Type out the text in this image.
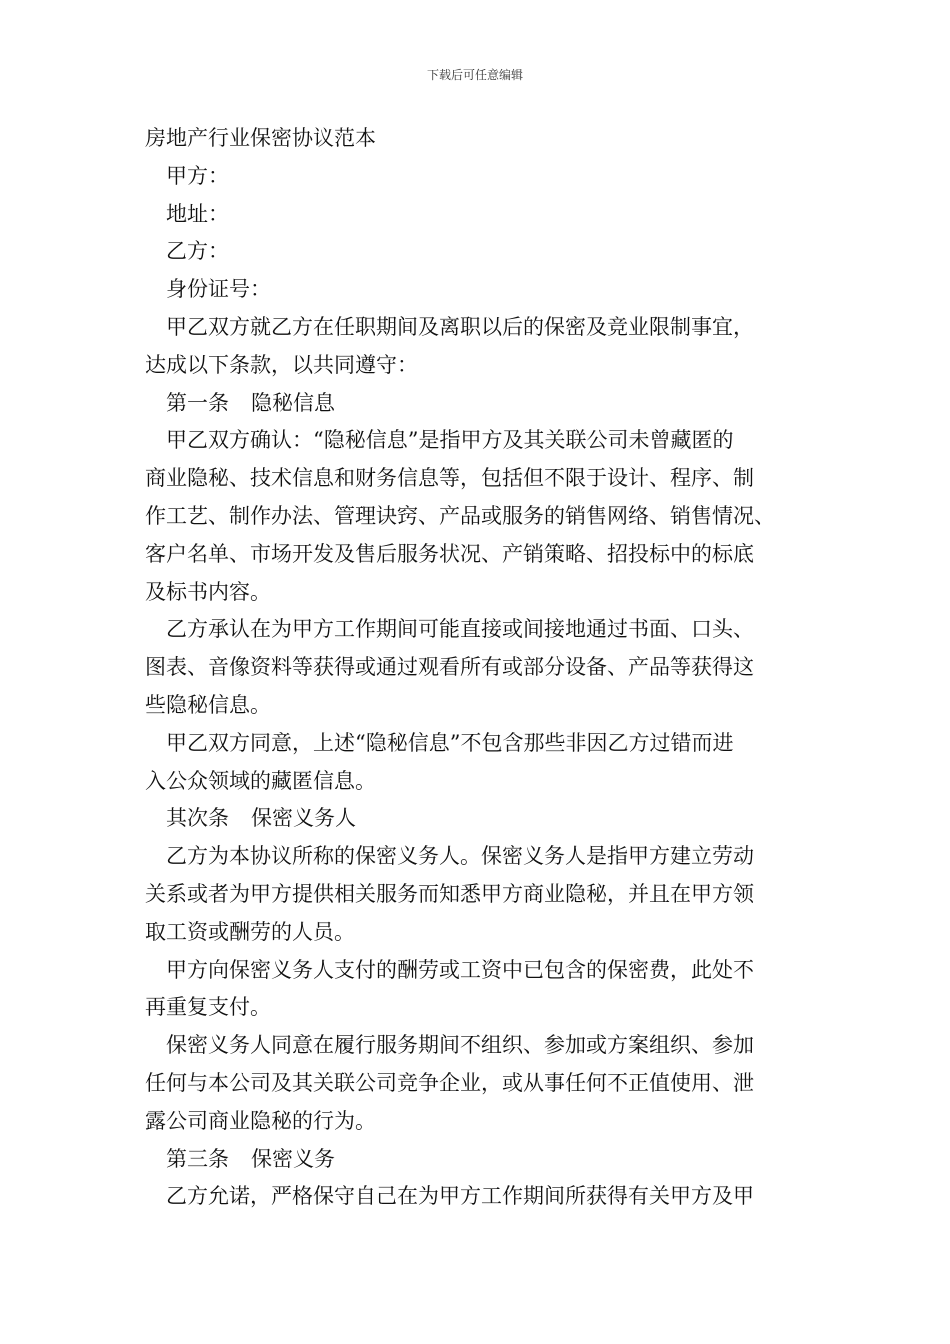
下载后可任意编辑
房地产行业保密协议范本
甲方：
地址：
乙方：
身份证号：
甲乙双方就乙方在任职期间及离职以后的保密及竞业限制事宜，
达成以下条款，以共同遵守：
第一条 隐秘信息
甲乙双方确认：“隐秘信息”是指甲方及其关联公司未曾藏匿的
商业隐秘、技术信息和财务信息等，包括但不限于设计、程序、制
作工艺、制作办法、管理诀窍、产品或服务的销售网络、销售情况、
客户名单、市场开发及售后服务状况、产销策略、招投标中的标底
及标书内容。
乙方承认在为甲方工作期间可能直接或间接地通过书面、口头、
图表、音像资料等获得或通过观看所有或部分设备、产品等获得这
些隐秘信息。
甲乙双方同意，上述“隐秘信息”不包含那些非因乙方过错而进
入公众领域的藏匿信息。
其次条 保密义务人
乙方为本协议所称的保密义务人。保密义务人是指甲方建立劳动
关系或者为甲方提供相关服务而知悉甲方商业隐秘，并且在甲方领
取工资或酬劳的人员。
甲方向保密义务人支付的酬劳或工资中已包含的保密费，此处不
再重复支付。
保密义务人同意在履行服务期间不组织、参加或方案组织、参加
任何与本公司及其关联公司竞争企业，或从事任何不正值使用、泄
露公司商业隐秘的行为。
第三条 保密义务
乙方允诺，严格保守自己在为甲方工作期间所获得有关甲方及甲
